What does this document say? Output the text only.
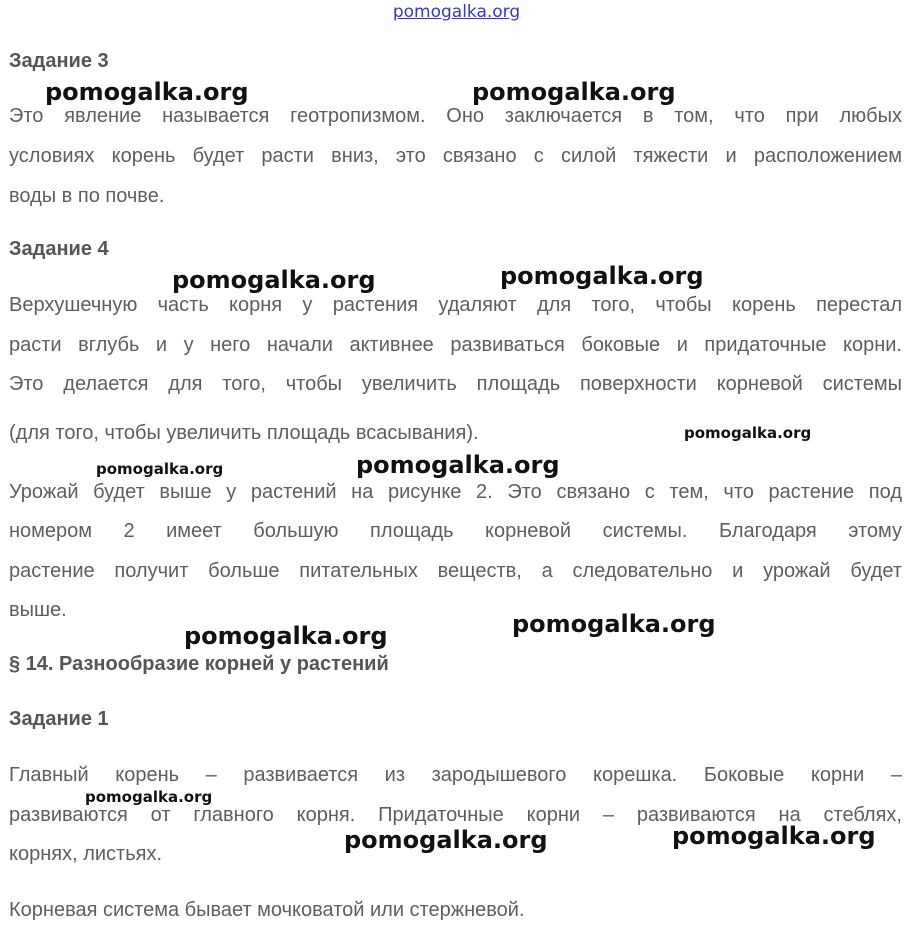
pomogalka.org
Задание 3
Это явление называется геотропизмом. Оно заключается в том, что при любых
условиях корень будет расти вниз, это связано с силой тяжести и расположением
воды в по почве.
Задание 4
Верхушечную часть корня у растения удаляют для того, чтобы корень перестал
расти вглубь и у него начали активнее развиваться боковые и придаточные корни.
Это делается для того, чтобы увеличить площадь поверхности корневой системы
(для того, чтобы увеличить площадь всасывания).
Урожай будет выше у растений на рисунке 2. Это связано с тем, что растение под
номером 2 имеет большую площадь корневой системы. Благодаря этому
растение получит больше питательных веществ, а следовательно и урожай будет
выше.
§ 14. Разнообразие корней у растений
Задание 1
Главный корень – развивается из зародышевого корешка. Боковые корни –
развиваются от главного корня. Придаточные корни – развиваются на стеблях,
корнях, листьях.
Корневая система бывает мочковатой или стержневой.
pomogalka.org	pomogalka.org
pomogalka.org	pomogalka.org
pomogalka.org
pomogalka.org	pomogalka.org
pomogalka.org	pomogalka.org
pomogalka.org
pomogalka.org	pomogalka.org
